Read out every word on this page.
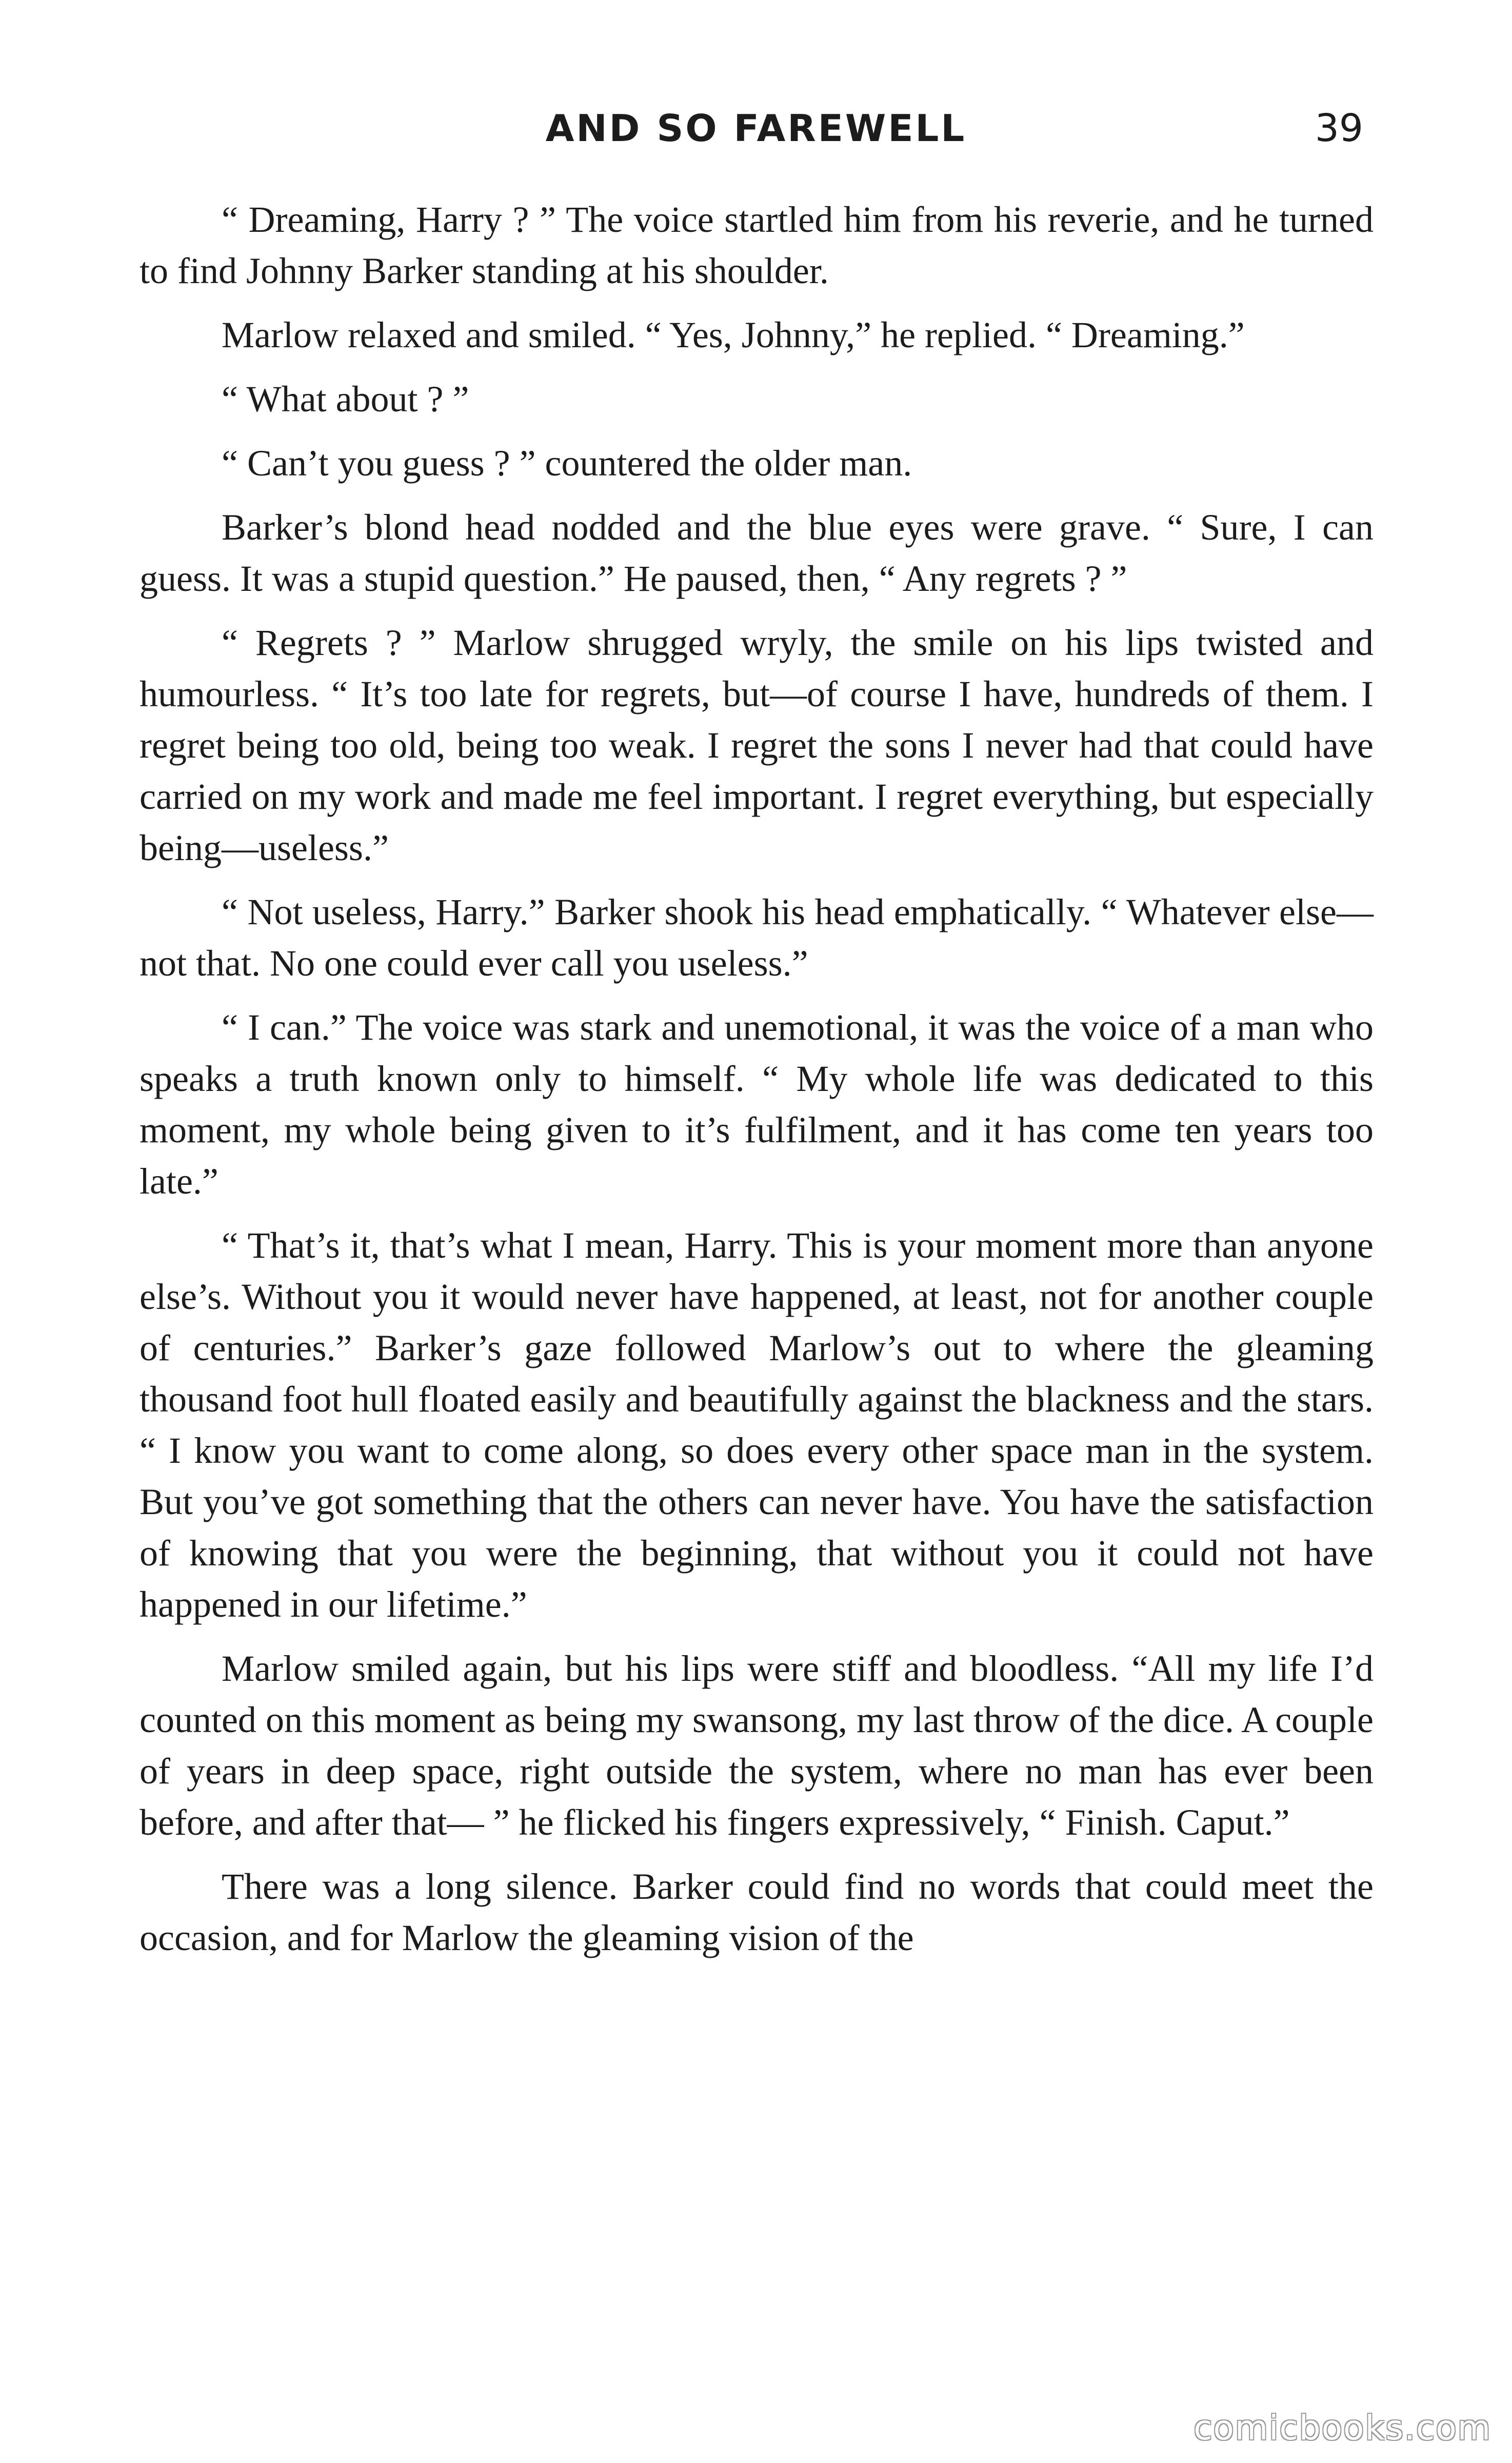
AND SO FAREWELL	39

“ Dreaming, Harry ? ” The voice startled him from his reverie, and he turned to find Johnny Barker standing at his shoulder.

Marlow relaxed and smiled. “ Yes, Johnny,” he replied. “ Dreaming.”

“ What about ? ”

“ Can’t you guess ? ” countered the older man.

Barker’s blond head nodded and the blue eyes were grave. “ Sure, I can guess. It was a stupid question.” He paused, then, “ Any regrets ? ”

“ Regrets ? ” Marlow shrugged wryly, the smile on his lips twisted and humourless. “ It’s too late for regrets, but—of course I have, hundreds of them. I regret being too old, being too weak. I regret the sons I never had that could have carried on my work and made me feel important. I regret everything, but especially being—useless.”

“ Not useless, Harry.” Barker shook his head emphatically. “ Whatever else—not that. No one could ever call you useless.”

“ I can.” The voice was stark and unemotional, it was the voice of a man who speaks a truth known only to himself. “ My whole life was dedicated to this moment, my whole being given to it’s fulfilment, and it has come ten years too late.”

“ That’s it, that’s what I mean, Harry. This is your moment more than anyone else’s. Without you it would never have happened, at least, not for another couple of centuries.” Barker’s gaze followed Marlow’s out to where the gleaming thousand foot hull floated easily and beautifully against the blackness and the stars. “ I know you want to come along, so does every other space man in the system. But you’ve got something that the others can never have. You have the satisfaction of knowing that you were the beginning, that without you it could not have happened in our lifetime.”

Marlow smiled again, but his lips were stiff and bloodless. “All my life I’d counted on this moment as being my swansong, my last throw of the dice. A couple of years in deep space, right outside the system, where no man has ever been before, and after that— ” he flicked his fingers expressively, “ Finish. Caput.”

There was a long silence. Barker could find no words that could meet the occasion, and for Marlow the gleaming vision of the

comicbooks.com
